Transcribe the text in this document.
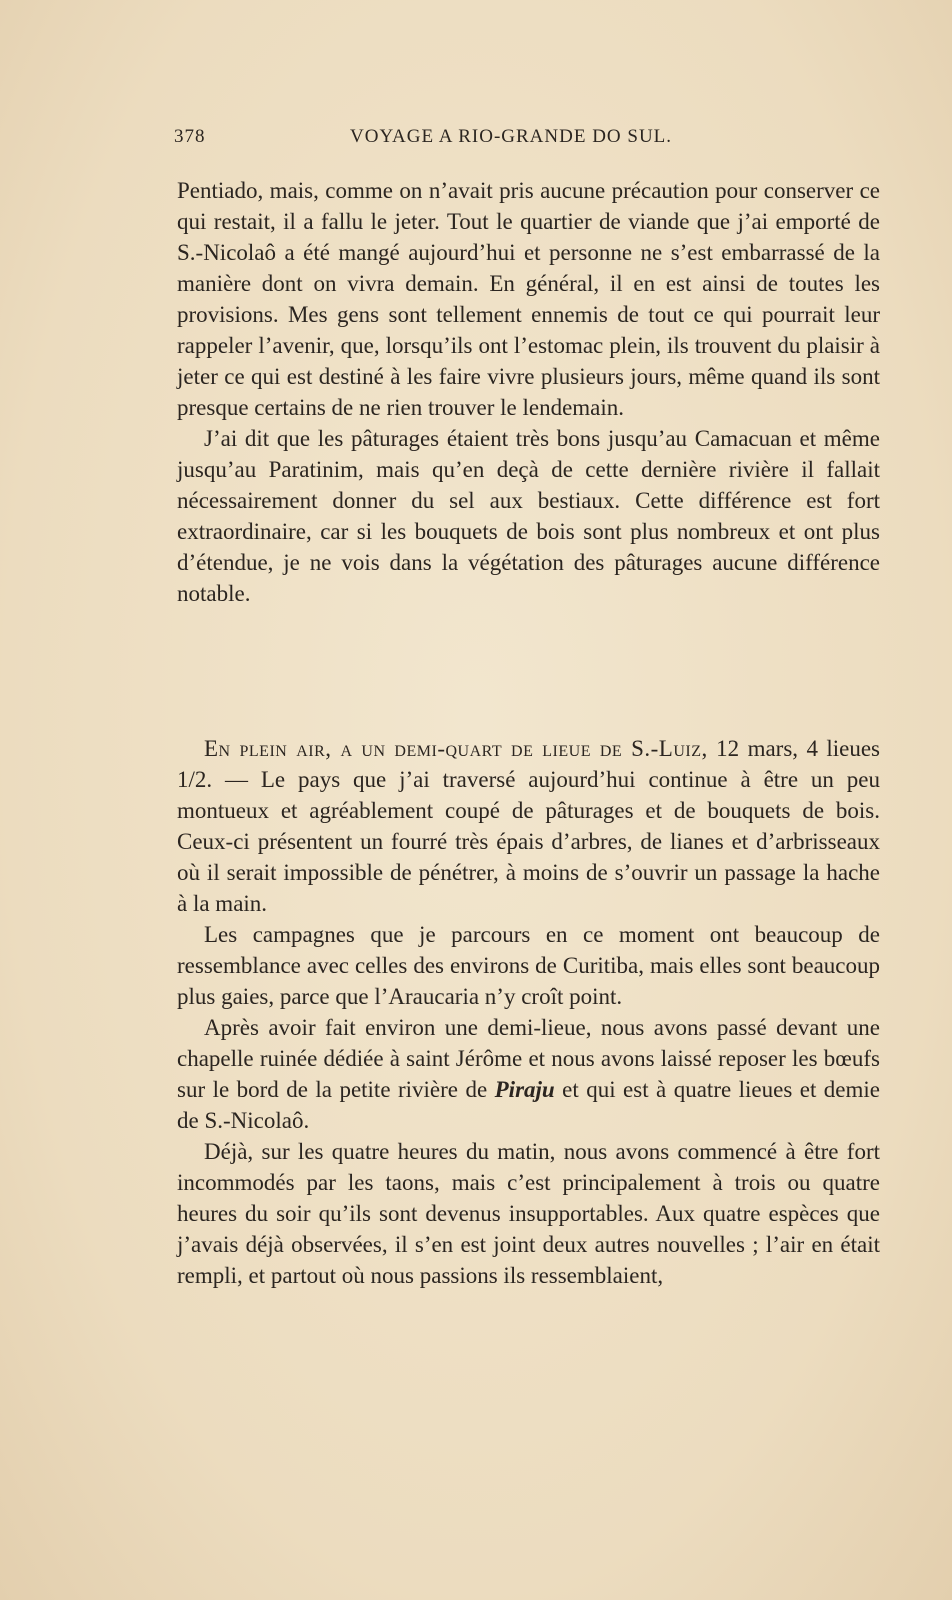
378	VOYAGE A RIO-GRANDE DO SUL.

Pentiado, mais, comme on n’avait pris aucune précaution pour conserver ce qui restait, il a fallu le jeter. Tout le quartier de viande que j’ai emporté de S.-Nicolaô a été mangé aujourd’hui et personne ne s’est embarrassé de la manière dont on vivra demain. En général, il en est ainsi de toutes les provisions. Mes gens sont tellement ennemis de tout ce qui pourrait leur rappeler l’avenir, que, lorsqu’ils ont l’estomac plein, ils trouvent du plaisir à jeter ce qui est destiné à les faire vivre plusieurs jours, même quand ils sont presque certains de ne rien trouver le lendemain.

J’ai dit que les pâturages étaient très bons jusqu’au Camacuan et même jusqu’au Paratinim, mais qu’en deçà de cette dernière rivière il fallait nécessairement donner du sel aux bestiaux. Cette différence est fort extraordinaire, car si les bouquets de bois sont plus nombreux et ont plus d’étendue, je ne vois dans la végétation des pâturages aucune différence notable.

En plein air, a un demi-quart de lieue de S.-Luiz, 12 mars, 4 lieues 1/2. — Le pays que j’ai traversé aujourd’hui continue à être un peu montueux et agréablement coupé de pâturages et de bouquets de bois. Ceux-ci présentent un fourré très épais d’arbres, de lianes et d’arbrisseaux où il serait impossible de pénétrer, à moins de s’ouvrir un passage la hache à la main.

Les campagnes que je parcours en ce moment ont beaucoup de ressemblance avec celles des environs de Curitiba, mais elles sont beaucoup plus gaies, parce que l’Araucaria n’y croît point.

Après avoir fait environ une demi-lieue, nous avons passé devant une chapelle ruinée dédiée à saint Jérôme et nous avons laissé reposer les bœufs sur le bord de la petite rivière de Piraju et qui est à quatre lieues et demie de S.-Nicolaô.

Déjà, sur les quatre heures du matin, nous avons commencé à être fort incommodés par les taons, mais c’est principalement à trois ou quatre heures du soir qu’ils sont devenus insupportables. Aux quatre espèces que j’avais déjà observées, il s’en est joint deux autres nouvelles ; l’air en était rempli, et partout où nous passions ils ressemblaient,
